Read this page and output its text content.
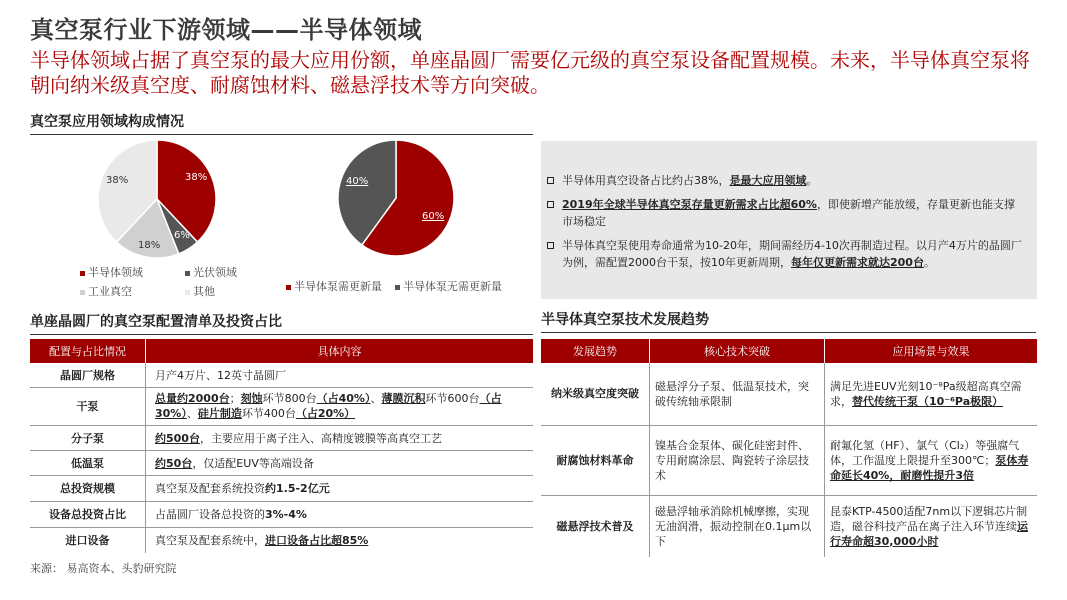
真空泵行业下游领域——半导体领域
半导体领域占据了真空泵的最大应用份额，单座晶圆厂需要亿元级的真空泵设备配置规模。未来，半导体真空泵将朝向纳米级真空度、耐腐蚀材料、磁悬浮技术等方向突破。
真空泵应用领域构成情况
38%
6%
18%
38%
半导体领域	光伏领域
工业真空	其他
40%
60%
半导体泵需更新量	半导体泵无需更新量
半导体用真空设备占比约占38%，是最大应用领域。
2019年全球半导体真空泵存量更新需求占比超60%，即使新增产能放缓，存量更新也能支撑市场稳定
半导体真空泵使用寿命通常为10-20年，期间需经历4-10次再制造过程。以月产4万片的晶圆厂为例，需配置2000台干泵，按10年更新周期，每年仅更新需求就达200台。
单座晶圆厂的真空泵配置清单及投资占比
配置与占比情况	具体内容
晶圆厂规格	月产4万片、12英寸晶圆厂
干泵	总量约2000台；刻蚀环节800台（占40%）、薄膜沉积环节600台（占30%）、硅片制造环节400台（占20%）
分子泵	约500台，主要应用于离子注入、高精度镀膜等高真空工艺
低温泵	约50台，仅适配EUV等高端设备
总投资规模	真空泵及配套系统投资约1.5-2亿元
设备总投资占比	占晶圆厂设备总投资的3%-4%
进口设备	真空泵及配套系统中，进口设备占比超85%
半导体真空泵技术发展趋势
发展趋势	核心技术突破	应用场景与效果
纳米级真空度突破	磁悬浮分子泵、低温泵技术，突破传统轴承限制	满足先进EUV光刻10⁻⁸Pa级超高真空需求，替代传统干泵（10⁻⁶Pa极限）
耐腐蚀材料革命	镍基合金泵体、碳化硅密封件、专用耐腐涂层、陶瓷转子涂层技术	耐氟化氢（HF）、氯气（Cl₂）等强腐气体，工作温度上限提升至300℃；泵体寿命延长40%，耐磨性提升3倍
磁悬浮技术普及	磁悬浮轴承消除机械摩擦，实现无油润滑，振动控制在0.1μm以下	昆泰KTP-4500适配7nm以下逻辑芯片制造，磁谷科技产品在离子注入环节连续运行寿命超30,000小时
来源： 易高资本、头豹研究院
